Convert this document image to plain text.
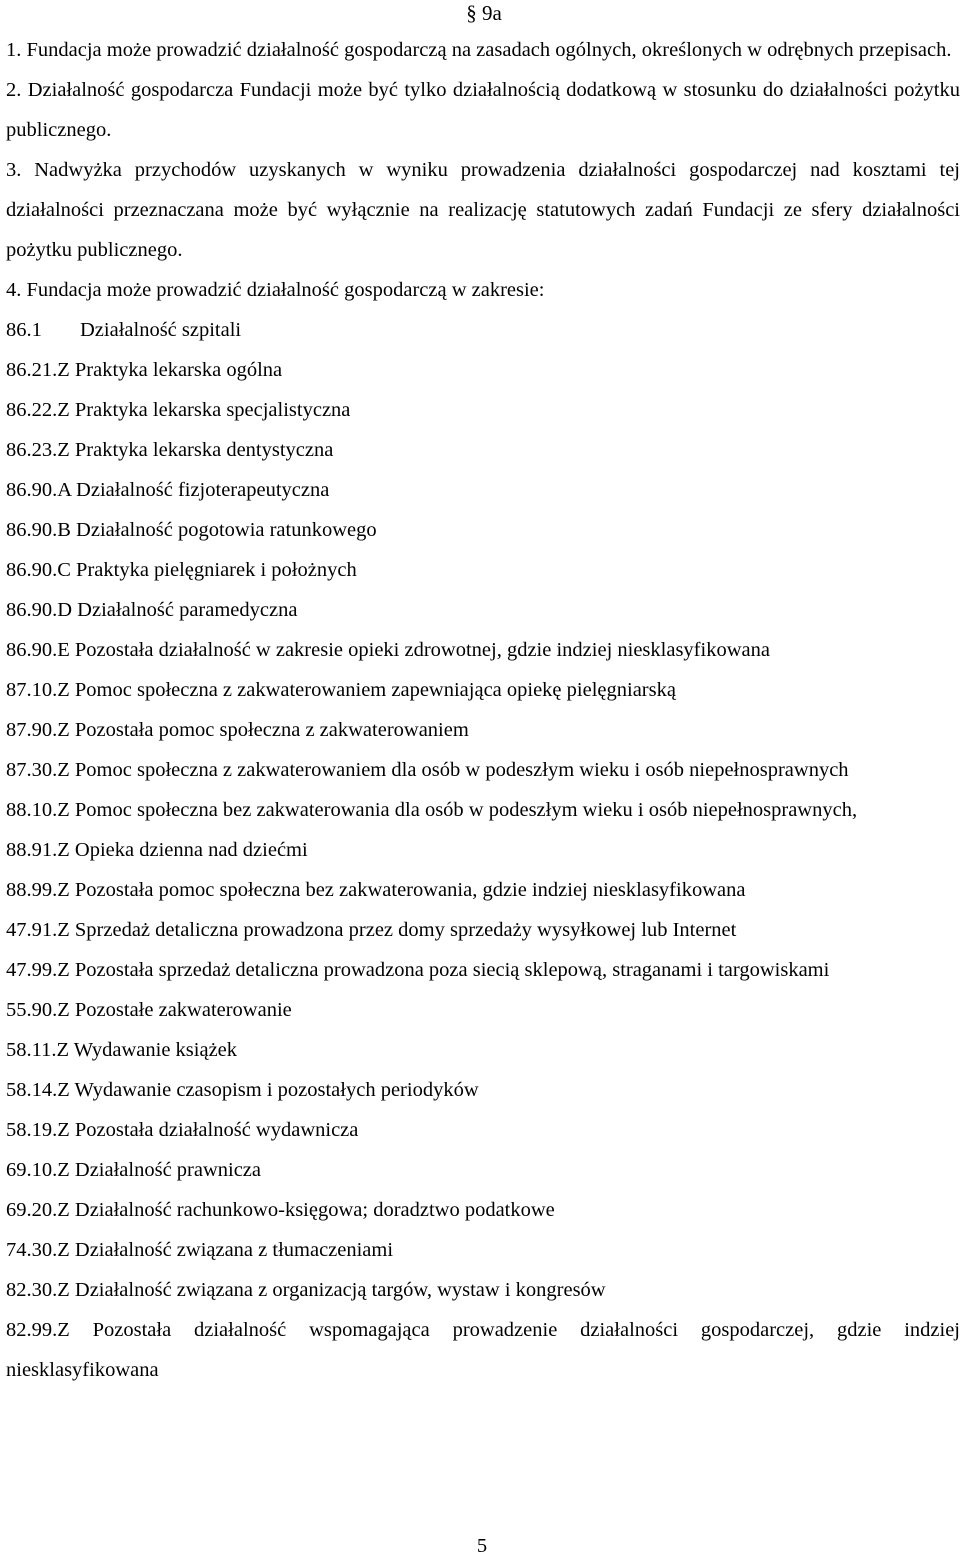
§ 9a

1. Fundacja może prowadzić działalność gospodarczą na zasadach ogólnych, określonych w odrębnych przepisach.

2. Działalność gospodarcza Fundacji może być tylko działalnością dodatkową w stosunku do działalności pożytku publicznego.

3. Nadwyżka przychodów uzyskanych w wyniku prowadzenia działalności gospodarczej nad kosztami tej działalności przeznaczana może być wyłącznie na realizację statutowych zadań Fundacji ze sfery działalności pożytku publicznego.

4. Fundacja może prowadzić działalność gospodarczą w zakresie:

86.1 Działalność szpitali

86.21.Z Praktyka lekarska ogólna

86.22.Z Praktyka lekarska specjalistyczna

86.23.Z Praktyka lekarska dentystyczna

86.90.A Działalność fizjoterapeutyczna

86.90.B Działalność pogotowia ratunkowego

86.90.C Praktyka pielęgniarek i położnych

86.90.D Działalność paramedyczna

86.90.E Pozostała działalność w zakresie opieki zdrowotnej, gdzie indziej niesklasyfikowana

87.10.Z Pomoc społeczna z zakwaterowaniem zapewniająca opiekę pielęgniarską

87.90.Z Pozostała pomoc społeczna z zakwaterowaniem

87.30.Z Pomoc społeczna z zakwaterowaniem dla osób w podeszłym wieku i osób niepełnosprawnych

88.10.Z Pomoc społeczna bez zakwaterowania dla osób w podeszłym wieku i osób niepełnosprawnych,

88.91.Z Opieka dzienna nad dziećmi

88.99.Z Pozostała pomoc społeczna bez zakwaterowania, gdzie indziej niesklasyfikowana

47.91.Z Sprzedaż detaliczna prowadzona przez domy sprzedaży wysyłkowej lub Internet

47.99.Z Pozostała sprzedaż detaliczna prowadzona poza siecią sklepową, straganami i targowiskami

55.90.Z Pozostałe zakwaterowanie

58.11.Z Wydawanie książek

58.14.Z Wydawanie czasopism i pozostałych periodyków

58.19.Z Pozostała działalność wydawnicza

69.10.Z Działalność prawnicza

69.20.Z Działalność rachunkowo-księgowa; doradztwo podatkowe

74.30.Z Działalność związana z tłumaczeniami

82.30.Z Działalność związana z organizacją targów, wystaw i kongresów

82.99.Z Pozostała działalność wspomagająca prowadzenie działalności gospodarczej, gdzie indziej niesklasyfikowana

5
